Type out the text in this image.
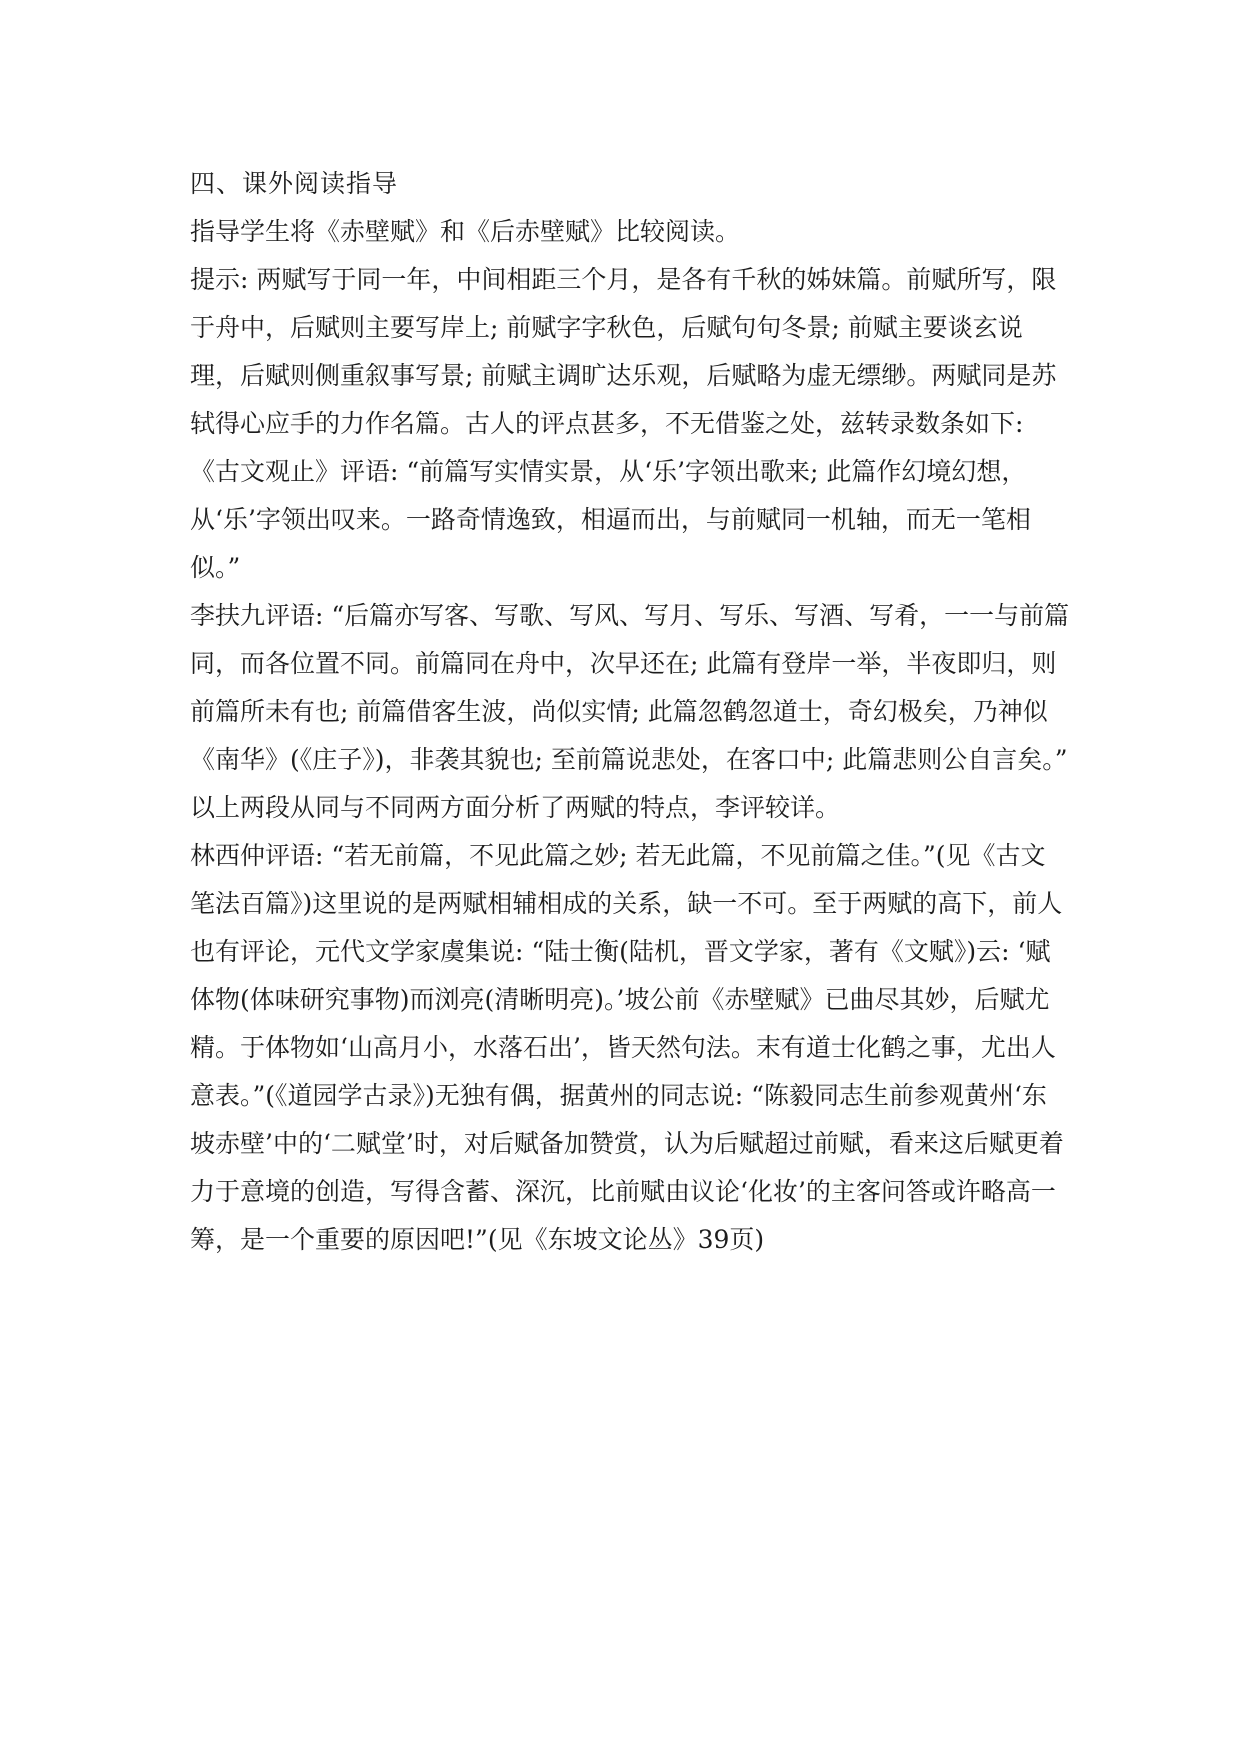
四、课外阅读指导

指导学生将《赤壁赋》和《后赤壁赋》比较阅读。

提示: 两赋写于同一年，中间相距三个月，是各有千秋的姊妹篇。前赋所写，限于舟中，后赋则主要写岸上; 前赋字字秋色，后赋句句冬景; 前赋主要谈玄说理，后赋则侧重叙事写景; 前赋主调旷达乐观，后赋略为虚无缥缈。两赋同是苏轼得心应手的力作名篇。古人的评点甚多，不无借鉴之处，兹转录数条如下:

《古文观止》评语: “前篇写实情实景，从‘乐’字领出歌来; 此篇作幻境幻想，从‘乐’字领出叹来。一路奇情逸致，相逼而出，与前赋同一机轴，而无一笔相似。”

李扶九评语: “后篇亦写客、写歌、写风、写月、写乐、写酒、写肴，一一与前篇同，而各位置不同。前篇同在舟中，次早还在; 此篇有登岸一举，半夜即归，则前篇所未有也; 前篇借客生波，尚似实情; 此篇忽鹤忽道士，奇幻极矣，乃神似《南华》(《庄子》)，非袭其貌也; 至前篇说悲处，在客口中; 此篇悲则公自言矣。”

以上两段从同与不同两方面分析了两赋的特点，李评较详。

林西仲评语: “若无前篇，不见此篇之妙; 若无此篇，不见前篇之佳。”(见《古文笔法百篇》)这里说的是两赋相辅相成的关系，缺一不可。至于两赋的高下，前人也有评论，元代文学家虞集说: “陆士衡(陆机，晋文学家，著有《文赋》)云: ‘赋体物(体味研究事物)而浏亮(清晰明亮)。’坡公前《赤壁赋》已曲尽其妙，后赋尤精。于体物如‘山高月小，水落石出’，皆天然句法。末有道士化鹤之事，尤出人意表。”(《道园学古录》)无独有偶，据黄州的同志说: “陈毅同志生前参观黄州‘东坡赤壁’中的‘二赋堂’时，对后赋备加赞赏，认为后赋超过前赋，看来这后赋更着力于意境的创造，写得含蓄、深沉，比前赋由议论‘化妆’的主客问答或许略高一筹，是一个重要的原因吧!”(见《东坡文论丛》39页)
